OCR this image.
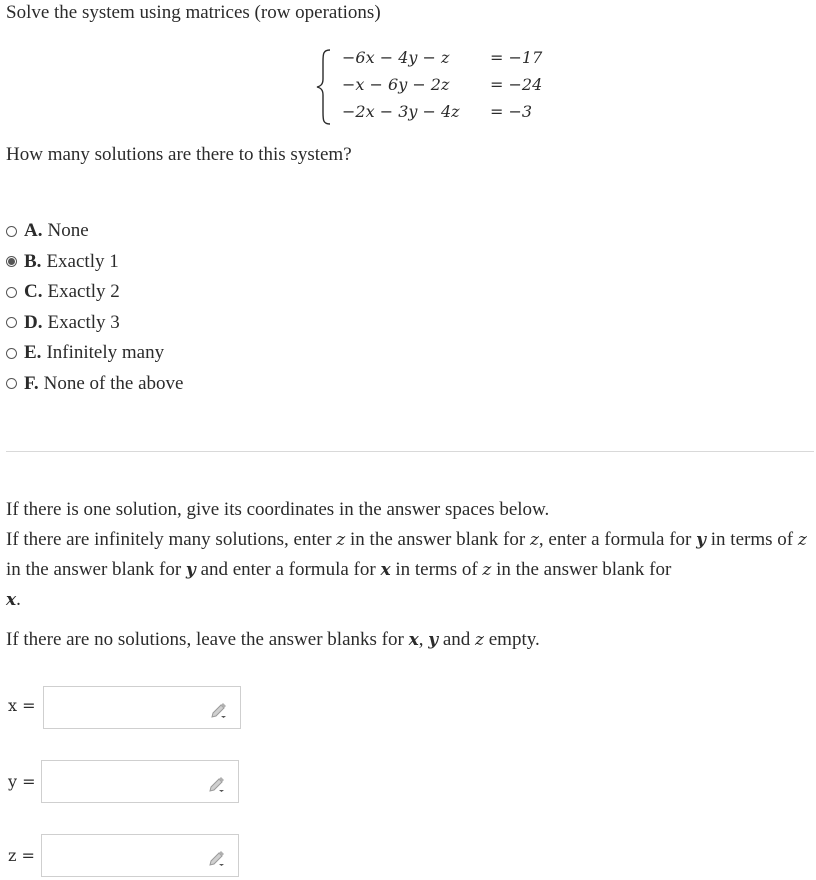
Solve the system using matrices (row operations)
−6x − 4y − z	= −17
−x − 6y − 2z	= −24
−2x − 3y − 4z = −3
How many solutions are there to this system?
A. None
B. Exactly 1
C. Exactly 2
D. Exactly 3
E. Infinitely many
F. None of the above
If there is one solution, give its coordinates in the answer spaces below.
If there are infinitely many solutions, enter z in the answer blank for z, enter a formula for y in terms of z in the answer blank for y and enter a formula for x in terms of z in the answer blank for
x.
If there are no solutions, leave the answer blanks for x, y and z empty.
x =
y =
z =
